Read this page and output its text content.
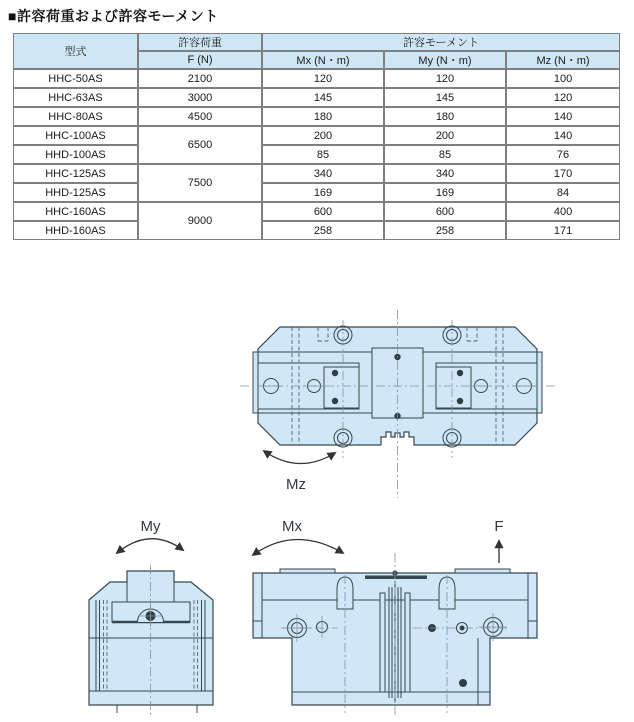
■許容荷重および許容モーメント
型式	許容荷重	許容モーメント		
	F (N)	Mx (N・m)	My (N・m)	Mz (N・m)
HHC-50AS	2100	120	120	100
HHC-63AS	3000	145	145	120
HHC-80AS	4500	180	180	140
HHC-100AS	6500	200	200	140
HHD-100AS		85	85	76
HHC-125AS	7500	340	340	170
HHD-125AS		169	169	84
HHC-160AS	9000	600	600	400
HHD-160AS		258	258	171
Mz
My	Mx	F
